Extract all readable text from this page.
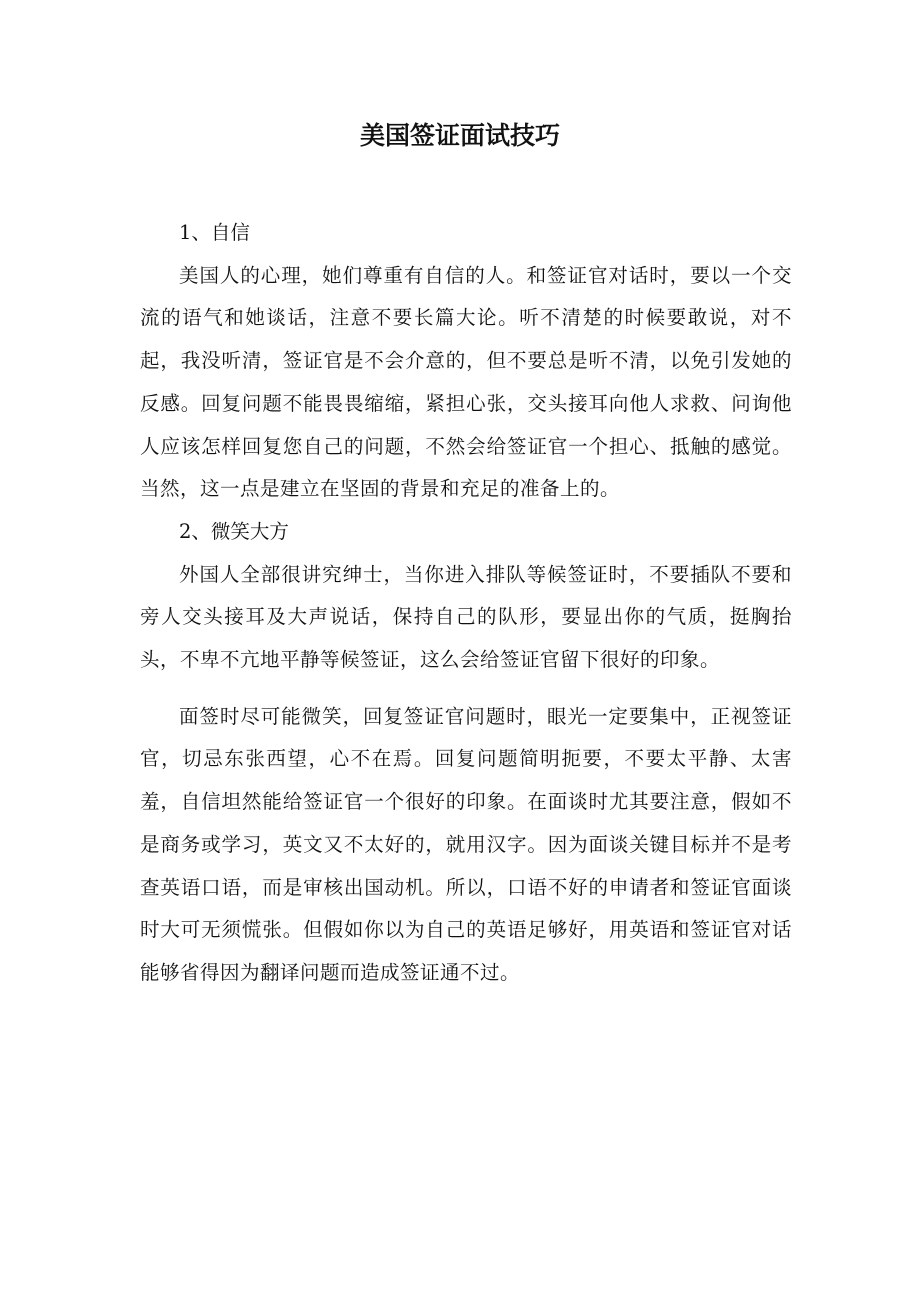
美国签证面试技巧

1、自信

美国人的心理，她们尊重有自信的人。和签证官对话时，要以一个交流的语气和她谈话，注意不要长篇大论。听不清楚的时候要敢说，对不起，我没听清，签证官是不会介意的，但不要总是听不清，以免引发她的反感。回复问题不能畏畏缩缩，紧担心张，交头接耳向他人求救、问询他人应该怎样回复您自己的问题，不然会给签证官一个担心、抵触的感觉。当然，这一点是建立在坚固的背景和充足的准备上的。

2、微笑大方

外国人全部很讲究绅士，当你进入排队等候签证时，不要插队不要和旁人交头接耳及大声说话，保持自己的队形，要显出你的气质，挺胸抬头，不卑不亢地平静等候签证，这么会给签证官留下很好的印象。

面签时尽可能微笑，回复签证官问题时，眼光一定要集中，正视签证官，切忌东张西望，心不在焉。回复问题简明扼要，不要太平静、太害羞，自信坦然能给签证官一个很好的印象。在面谈时尤其要注意，假如不是商务或学习，英文又不太好的，就用汉字。因为面谈关键目标并不是考查英语口语，而是审核出国动机。所以，口语不好的申请者和签证官面谈时大可无须慌张。但假如你以为自己的英语足够好，用英语和签证官对话能够省得因为翻译问题而造成签证通不过。
